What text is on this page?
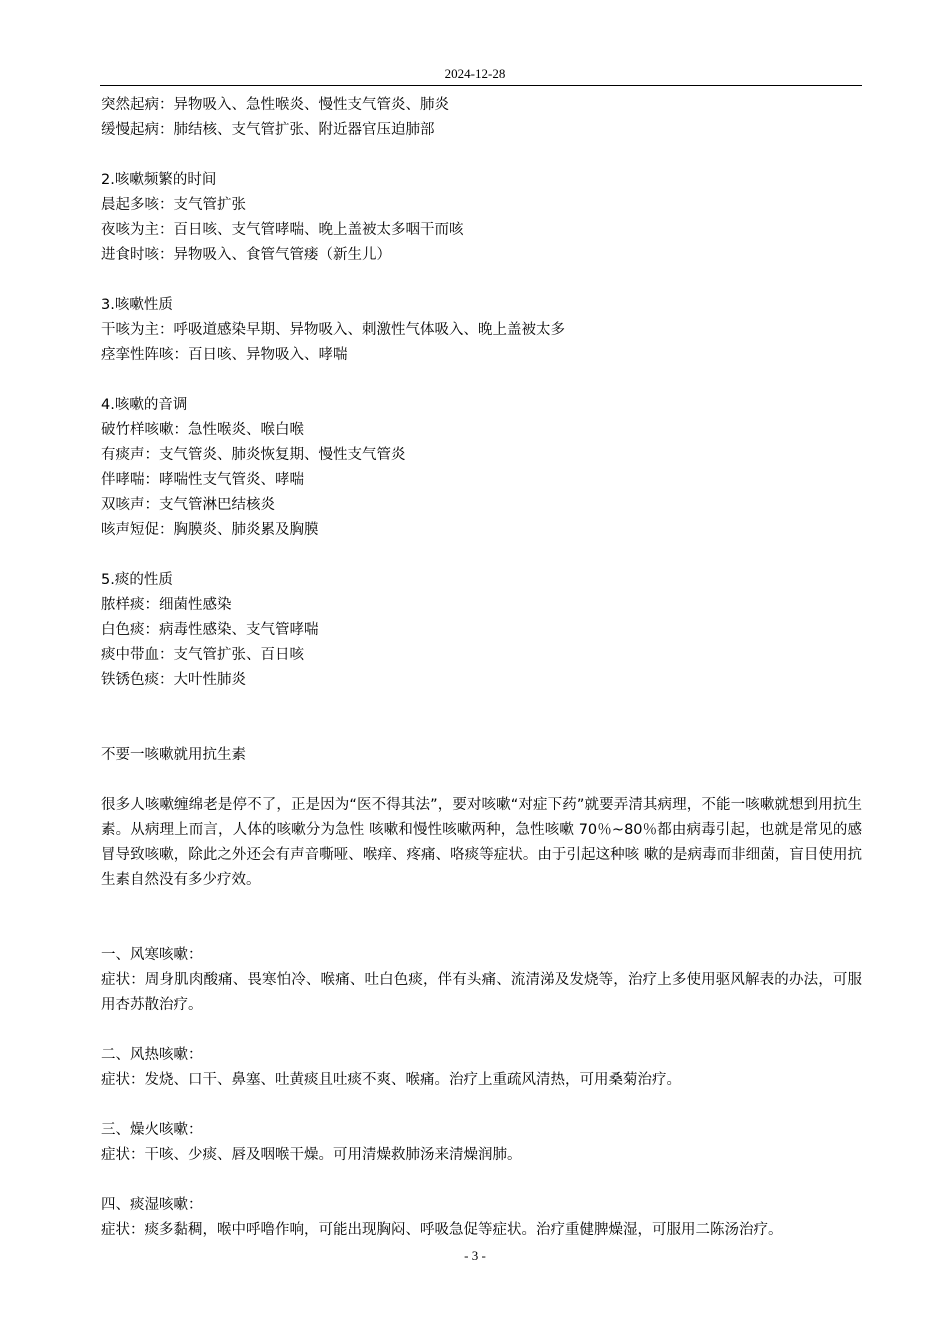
2024-12-28
突然起病：异物吸入、急性喉炎、慢性支气管炎、肺炎
缓慢起病：肺结核、支气管扩张、附近器官压迫肺部
2.咳嗽频繁的时间
晨起多咳：支气管扩张
夜咳为主：百日咳、支气管哮喘、晚上盖被太多咽干而咳
进食时咳：异物吸入、食管气管瘘（新生儿）
3.咳嗽性质
干咳为主：呼吸道感染早期、异物吸入、刺激性气体吸入、晚上盖被太多
痉挛性阵咳：百日咳、异物吸入、哮喘
4.咳嗽的音调
破竹样咳嗽：急性喉炎、喉白喉
有痰声：支气管炎、肺炎恢复期、慢性支气管炎
伴哮喘：哮喘性支气管炎、哮喘
双咳声：支气管淋巴结核炎
咳声短促：胸膜炎、肺炎累及胸膜
5.痰的性质
脓样痰：细菌性感染
白色痰：病毒性感染、支气管哮喘
痰中带血：支气管扩张、百日咳
铁锈色痰：大叶性肺炎
不要一咳嗽就用抗生素
很多人咳嗽缠绵老是停不了，正是因为“医不得其法”，要对咳嗽“对症下药”就要弄清其病理，不能一咳嗽就想到用抗生素。从病理上而言，人体的咳嗽分为急性 咳嗽和慢性咳嗽两种，急性咳嗽 70％~80％都由病毒引起，也就是常见的感冒导致咳嗽，除此之外还会有声音嘶哑、喉痒、疼痛、咯痰等症状。由于引起这种咳 嗽的是病毒而非细菌，盲目使用抗生素自然没有多少疗效。
一、风寒咳嗽：
症状：周身肌肉酸痛、畏寒怕冷、喉痛、吐白色痰，伴有头痛、流清涕及发烧等，治疗上多使用驱风解表的办法，可服用杏苏散治疗。
二、风热咳嗽：
症状：发烧、口干、鼻塞、吐黄痰且吐痰不爽、喉痛。治疗上重疏风清热，可用桑菊治疗。
三、燥火咳嗽：
症状：干咳、少痰、唇及咽喉干燥。可用清燥救肺汤来清燥润肺。
四、痰湿咳嗽：
症状：痰多黏稠，喉中呼噜作响，可能出现胸闷、呼吸急促等症状。治疗重健脾燥湿，可服用二陈汤治疗。
- 3 -
